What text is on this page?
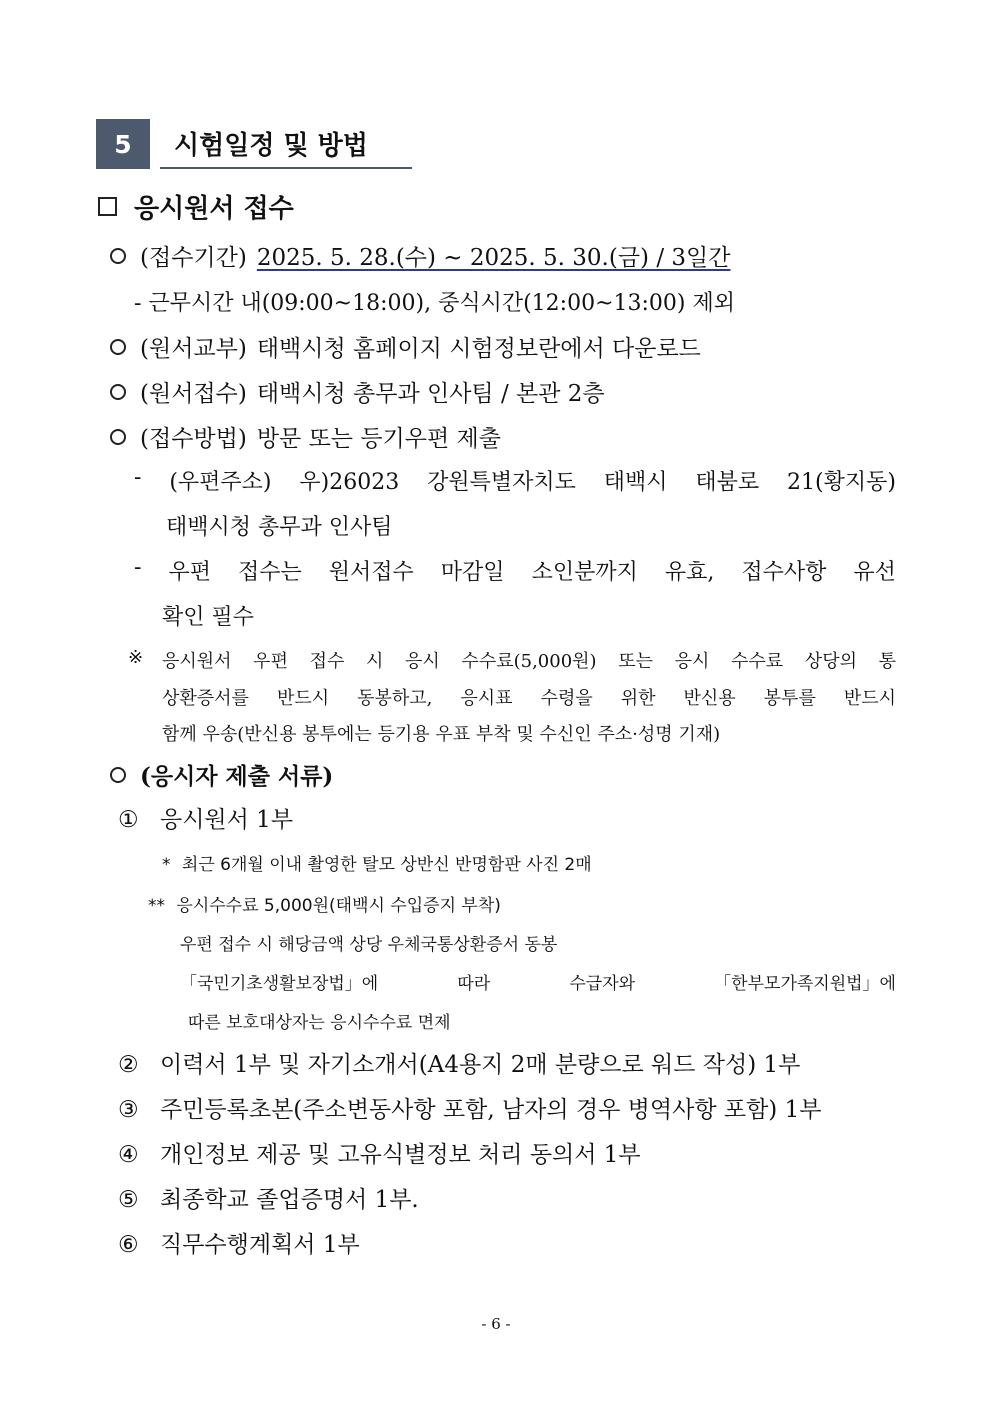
5	시험일정 및 방법
응시원서 접수
(접수기간) 2025. 5. 28.(수) ~ 2025. 5. 30.(금) / 3일간
- 근무시간 내(09:00~18:00), 중식시간(12:00~13:00) 제외
(원서교부) 태백시청 홈페이지 시험정보란에서 다운로드
(원서접수) 태백시청 총무과 인사팀 / 본관 2층
(접수방법) 방문 또는 등기우편 제출
- (우편주소) 우)26023 강원특별자치도 태백시 태붐로 21(황지동)
태백시청 총무과 인사팀
- 우편 접수는 원서접수 마감일 소인분까지 유효, 접수사항 유선
확인 필수
※ 응시원서 우편 접수 시 응시 수수료(5,000원) 또는 응시 수수료 상당의 통
상환증서를 반드시 동봉하고, 응시표 수령을 위한 반신용 봉투를 반드시
함께 우송(반신용 봉투에는 등기용 우표 부착 및 수신인 주소·성명 기재)
(응시자 제출 서류)
① 응시원서 1부
* 최근 6개월 이내 촬영한 탈모 상반신 반명함판 사진 2매
** 응시수수료 5,000원(태백시 수입증지 부착)
우편 접수 시 해당금액 상당 우체국통상환증서 동봉
「국민기초생활보장법」에	따라	수급자와	「한부모가족지원법」에
따른 보호대상자는 응시수수료 면제
② 이력서 1부 및 자기소개서(A4용지 2매 분량으로 워드 작성) 1부
③ 주민등록초본(주소변동사항 포함, 남자의 경우 병역사항 포함) 1부
④ 개인정보 제공 및 고유식별정보 처리 동의서 1부
⑤ 최종학교 졸업증명서 1부.
⑥ 직무수행계획서 1부
- 6 -
